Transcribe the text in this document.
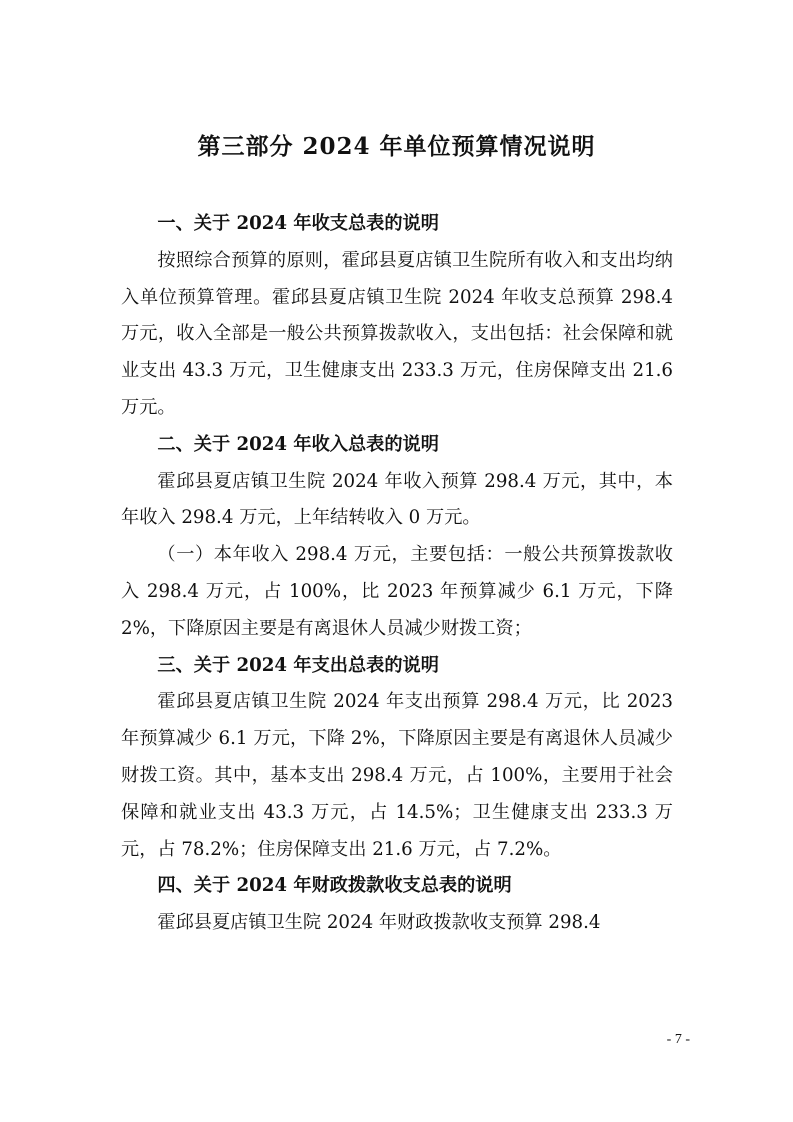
第三部分 2024 年单位预算情况说明

一、关于 2024 年收支总表的说明

按照综合预算的原则，霍邱县夏店镇卫生院所有收入和支出均纳入单位预算管理。霍邱县夏店镇卫生院 2024 年收支总预算 298.4 万元，收入全部是一般公共预算拨款收入，支出包括：社会保障和就业支出 43.3 万元，卫生健康支出 233.3 万元，住房保障支出 21.6 万元。

二、关于 2024 年收入总表的说明

霍邱县夏店镇卫生院 2024 年收入预算 298.4 万元，其中，本年收入 298.4 万元，上年结转收入 0 万元。

（一）本年收入 298.4 万元，主要包括：一般公共预算拨款收入 298.4 万元，占 100%，比 2023 年预算减少 6.1 万元，下降 2%，下降原因主要是有离退休人员减少财拨工资；

三、关于 2024 年支出总表的说明

霍邱县夏店镇卫生院 2024 年支出预算 298.4 万元，比 2023 年预算减少 6.1 万元，下降 2%，下降原因主要是有离退休人员减少财拨工资。其中，基本支出 298.4 万元，占 100%，主要用于社会保障和就业支出 43.3 万元，占 14.5%；卫生健康支出 233.3 万元，占 78.2%；住房保障支出 21.6 万元，占 7.2%。

四、关于 2024 年财政拨款收支总表的说明

霍邱县夏店镇卫生院 2024 年财政拨款收支预算 298.4

- 7 -
